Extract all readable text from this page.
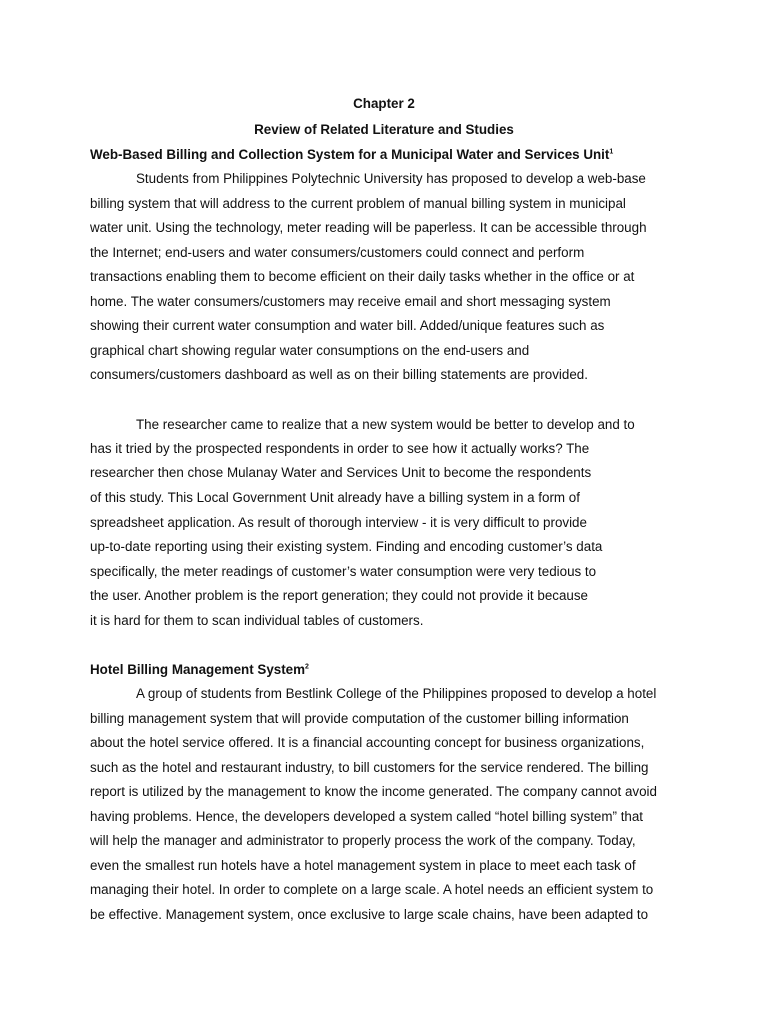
Chapter 2
Review of Related Literature and Studies
Web-Based Billing and Collection System for a Municipal Water and Services Unit$^1$
Students from Philippines Polytechnic University has proposed to develop a web-base
billing system that will address to the current problem of manual billing system in municipal
water unit. Using the technology, meter reading will be paperless. It can be accessible through
the Internet; end-users and water consumers/customers could connect and perform
transactions enabling them to become efficient on their daily tasks whether in the office or at
home. The water consumers/customers may receive email and short messaging system
showing their current water consumption and water bill. Added/unique features such as
graphical chart showing regular water consumptions on the end-users and
consumers/customers dashboard as well as on their billing statements are provided.
The researcher came to realize that a new system would be better to develop and to
has it tried by the prospected respondents in order to see how it actually works? The
researcher then chose Mulanay Water and Services Unit to become the respondents
of this study. This Local Government Unit already have a billing system in a form of
spreadsheet application. As result of thorough interview - it is very difficult to provide
up-to-date reporting using their existing system. Finding and encoding customer’s data
specifically, the meter readings of customer’s water consumption were very tedious to
the user. Another problem is the report generation; they could not provide it because
it is hard for them to scan individual tables of customers.
Hotel Billing Management System$^2$
A group of students from Bestlink College of the Philippines proposed to develop a hotel
billing management system that will provide computation of the customer billing information
about the hotel service offered. It is a financial accounting concept for business organizations,
such as the hotel and restaurant industry, to bill customers for the service rendered. The billing
report is utilized by the management to know the income generated. The company cannot avoid
having problems. Hence, the developers developed a system called “hotel billing system” that
will help the manager and administrator to properly process the work of the company. Today,
even the smallest run hotels have a hotel management system in place to meet each task of
managing their hotel. In order to complete on a large scale. A hotel needs an efficient system to
be effective. Management system, once exclusive to large scale chains, have been adapted to
